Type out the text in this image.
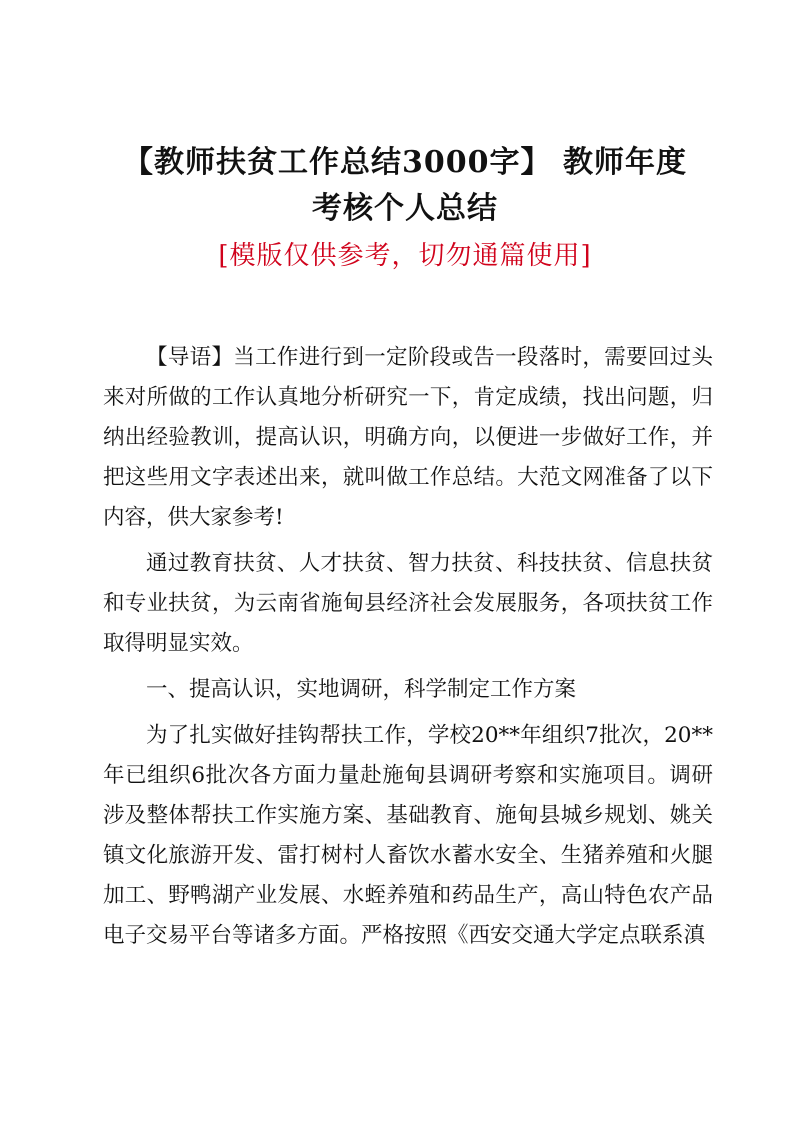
【教师扶贫工作总结3000字】 教师年度考核个人总结
[模版仅供参考，切勿通篇使用]

【导语】当工作进行到一定阶段或告一段落时，需要回过头来对所做的工作认真地分析研究一下，肯定成绩，找出问题，归纳出经验教训，提高认识，明确方向，以便进一步做好工作，并把这些用文字表述出来，就叫做工作总结。大范文网准备了以下内容，供大家参考!

通过教育扶贫、人才扶贫、智力扶贫、科技扶贫、信息扶贫和专业扶贫，为云南省施甸县经济社会发展服务，各项扶贫工作取得明显实效。

一、提高认识，实地调研，科学制定工作方案

为了扎实做好挂钩帮扶工作，学校20**年组织7批次，20**年已组织6批次各方面力量赴施甸县调研考察和实施项目。调研涉及整体帮扶工作实施方案、基础教育、施甸县城乡规划、姚关镇文化旅游开发、雷打树村人畜饮水蓄水安全、生猪养殖和火腿加工、野鸭湖产业发展、水蛭养殖和药品生产，高山特色农产品电子交易平台等诸多方面。严格按照《西安交通大学定点联系滇
